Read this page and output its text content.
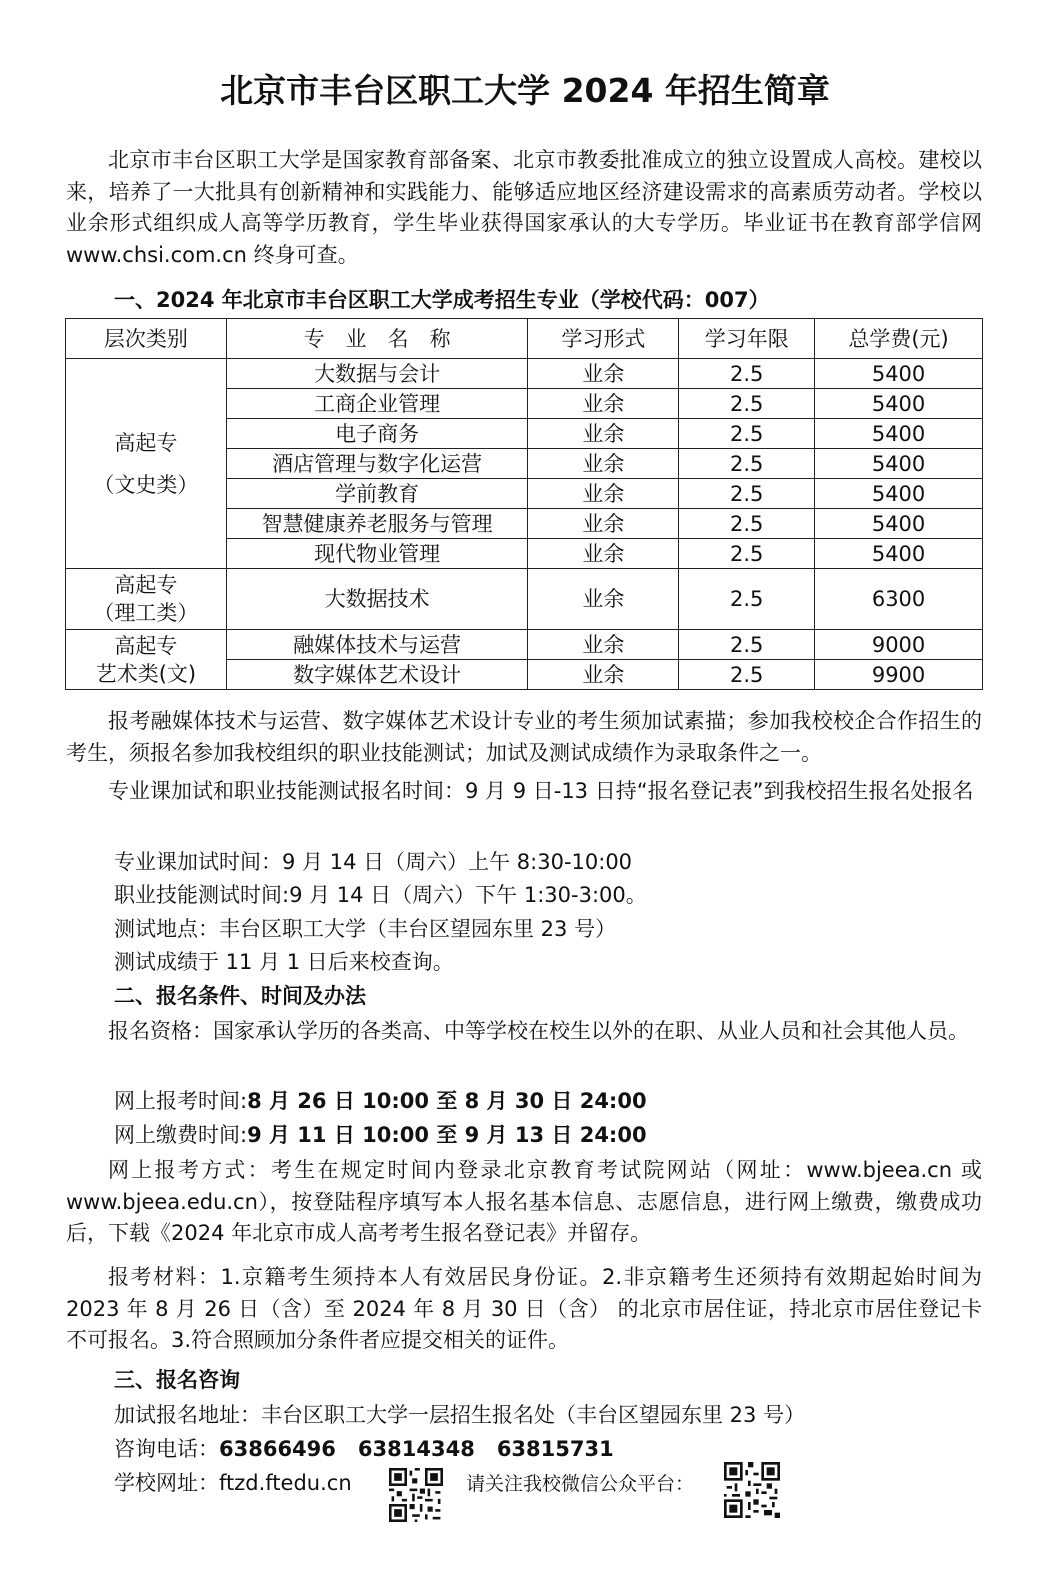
北京市丰台区职工大学 2024 年招生简章
北京市丰台区职工大学是国家教育部备案、北京市教委批准成立的独立设置成人高校。建校以来，培养了一大批具有创新精神和实践能力、能够适应地区经济建设需求的高素质劳动者。学校以业余形式组织成人高等学历教育，学生毕业获得国家承认的大专学历。毕业证书在教育部学信网 www.chsi.com.cn 终身可查。
一、2024 年北京市丰台区职工大学成考招生专业（学校代码：007）
层次类别	专　业　名　称	学习形式	学习年限	总学费(元)

高起专
（文史类）	大数据与会计	业余	2.5	5400
	工商企业管理	业余	2.5	5400
	电子商务	业余	2.5	5400
	酒店管理与数字化运营	业余	2.5	5400
	学前教育	业余	2.5	5400
	智慧健康养老服务与管理	业余	2.5	5400
	现代物业管理	业余	2.5	5400

高起专
（理工类）	大数据技术	业余	2.5	6300

高起专
艺术类(文)	融媒体技术与运营	业余	2.5	9000
	数字媒体艺术设计	业余	2.5	9900
报考融媒体技术与运营、数字媒体艺术设计专业的考生须加试素描；参加我校校企合作招生的考生，须报名参加我校组织的职业技能测试；加试及测试成绩作为录取条件之一。
专业课加试和职业技能测试报名时间：9 月 9 日-13 日持“报名登记表”到我校招生报名处报名
专业课加试时间：9 月 14 日（周六）上午 8:30-10:00
职业技能测试时间:9 月 14 日（周六）下午 1:30-3:00。
测试地点：丰台区职工大学（丰台区望园东里 23 号）
测试成绩于 11 月 1 日后来校查询。
二、报名条件、时间及办法
报名资格：国家承认学历的各类高、中等学校在校生以外的在职、从业人员和社会其他人员。
网上报考时间:8 月 26 日 10:00 至 8 月 30 日 24:00
网上缴费时间:9 月 11 日 10:00 至 9 月 13 日 24:00
网上报考方式：考生在规定时间内登录北京教育考试院网站（网址：www.bjeea.cn 或 www.bjeea.edu.cn），按登陆程序填写本人报名基本信息、志愿信息，进行网上缴费，缴费成功后，下载《2024 年北京市成人高考考生报名登记表》并留存。
报考材料：1.京籍考生须持本人有效居民身份证。2.非京籍考生还须持有效期起始时间为 2023 年 8 月 26 日（含）至 2024 年 8 月 30 日（含） 的北京市居住证，持北京市居住登记卡不可报名。3.符合照顾加分条件者应提交相关的证件。
三、报名咨询
加试报名地址：丰台区职工大学一层招生报名处（丰台区望园东里 23 号）
咨询电话：63866496 63814348 63815731
学校网址：ftzd.ftedu.cn	请关注我校微信公众平台：
